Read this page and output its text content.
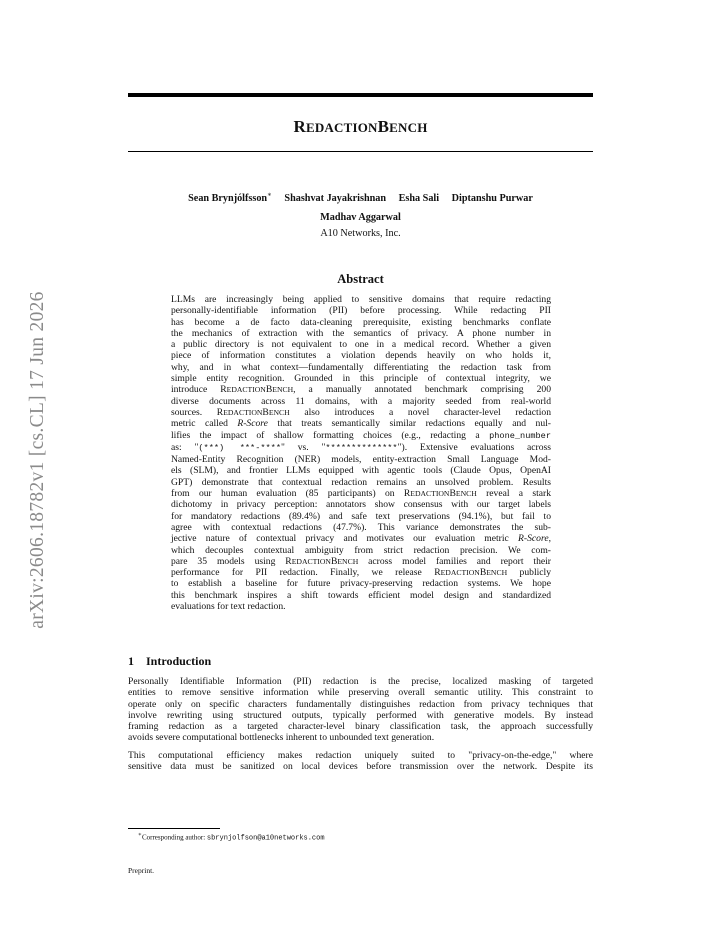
arXiv:2606.18782v1 [cs.CL] 17 Jun 2026
REDACTIONBENCH
Sean Brynjólfsson∗ Shashvat Jayakrishnan Esha Sali Diptanshu Purwar
Madhav Aggarwal
A10 Networks, Inc.
Abstract

LLMs are increasingly being applied to sensitive domains that require redacting

personally-identifiable information (PII) before processing. While redacting PII

has become a de facto data-cleaning prerequisite, existing benchmarks conflate

the mechanics of extraction with the semantics of privacy. A phone number in

a public directory is not equivalent to one in a medical record. Whether a given

piece of information constitutes a violation depends heavily on who holds it,

why, and in what context—fundamentally differentiating the redaction task from

simple entity recognition. Grounded in this principle of contextual integrity, we

introduce REDACTIONBENCH, a manually annotated benchmark comprising 200

diverse documents across 11 domains, with a majority seeded from real-world

sources. REDACTIONBENCH also introduces a novel character-level redaction

metric called R-Score that treats semantically similar redactions equally and nul-

lifies the impact of shallow formatting choices (e.g., redacting a phone_number

as: "(***) ***-****" vs. "**************"). Extensive evaluations across

Named-Entity Recognition (NER) models, entity-extraction Small Language Mod-

els (SLM), and frontier LLMs equipped with agentic tools (Claude Opus, OpenAI

GPT) demonstrate that contextual redaction remains an unsolved problem. Results

from our human evaluation (85 participants) on REDACTIONBENCH reveal a stark

dichotomy in privacy perception: annotators show consensus with our target labels

for mandatory redactions (89.4%) and safe text preservations (94.1%), but fail to

agree with contextual redactions (47.7%). This variance demonstrates the sub-

jective nature of contextual privacy and motivates our evaluation metric R-Score,

which decouples contextual ambiguity from strict redaction precision. We com-

pare 35 models using REDACTIONBENCH across model families and report their

performance for PII redaction. Finally, we release REDACTIONBENCH publicly

to establish a baseline for future privacy-preserving redaction systems. We hope

this benchmark inspires a shift towards efficient model design and standardized

evaluations for text redaction.

1 Introduction

Personally Identifiable Information (PII) redaction is the precise, localized masking of targeted

entities to remove sensitive information while preserving overall semantic utility. This constraint to

operate only on specific characters fundamentally distinguishes redaction from privacy techniques that

involve rewriting using structured outputs, typically performed with generative models. By instead

framing redaction as a targeted character-level binary classification task, the approach successfully

avoids severe computational bottlenecks inherent to unbounded text generation.

This computational efficiency makes redaction uniquely suited to "privacy-on-the-edge," where

sensitive data must be sanitized on local devices before transmission over the network. Despite its

∗Corresponding author: sbrynjolfson@a10networks.com
Preprint.
